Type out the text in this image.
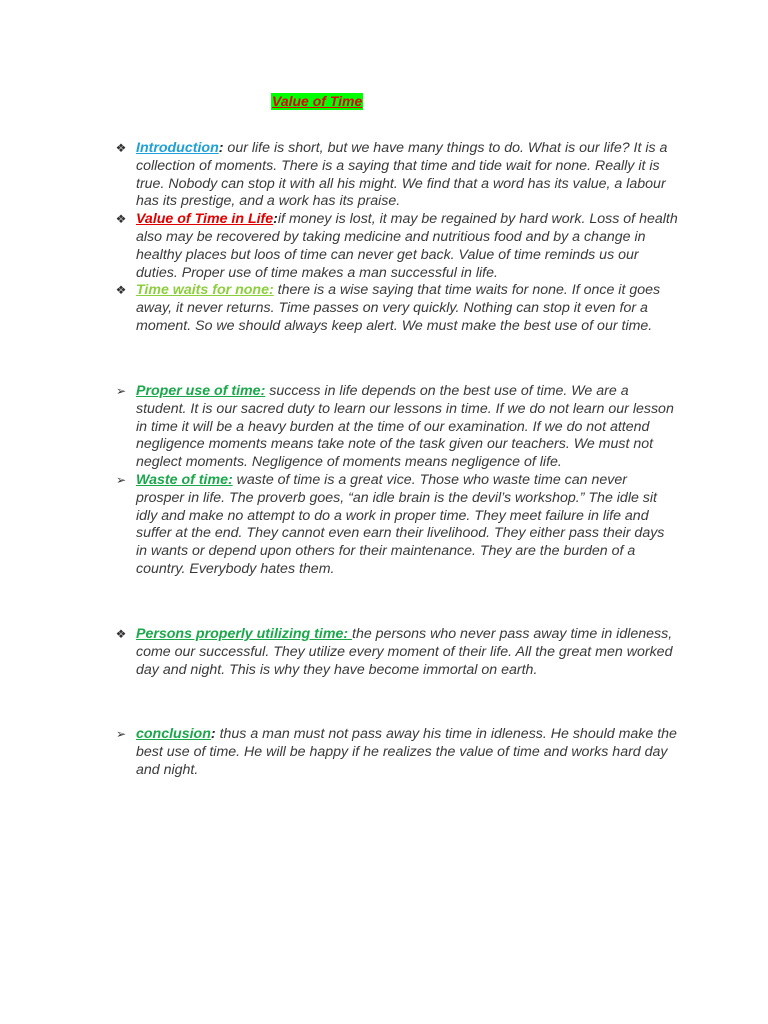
Value of Time
❖ Introduction: our life is short, but we have many things to do. What is our life? It is a collection of moments. There is a saying that time and tide wait for none. Really it is true. Nobody can stop it with all his might. We find that a word has its value, a labour has its prestige, and a work has its praise.
❖ Value of Time in Life:if money is lost, it may be regained by hard work. Loss of health also may be recovered by taking medicine and nutritious food and by a change in healthy places but loos of time can never get back. Value of time reminds us our duties. Proper use of time makes a man successful in life.
❖ Time waits for none: there is a wise saying that time waits for none. If once it goes away, it never returns. Time passes on very quickly. Nothing can stop it even for a moment. So we should always keep alert. We must make the best use of our time.
➢ Proper use of time: success in life depends on the best use of time. We are a student. It is our sacred duty to learn our lessons in time. If we do not learn our lesson in time it will be a heavy burden at the time of our examination. If we do not attend negligence moments means take note of the task given our teachers. We must not neglect moments. Negligence of moments means negligence of life.
➢ Waste of time: waste of time is a great vice. Those who waste time can never prosper in life. The proverb goes, “an idle brain is the devil’s workshop.” The idle sit idly and make no attempt to do a work in proper time. They meet failure in life and suffer at the end. They cannot even earn their livelihood. They either pass their days in wants or depend upon others for their maintenance. They are the burden of a country. Everybody hates them.
❖ Persons properly utilizing time: the persons who never pass away time in idleness, come our successful. They utilize every moment of their life. All the great men worked day and night. This is why they have become immortal on earth.
➢ conclusion: thus a man must not pass away his time in idleness. He should make the best use of time. He will be happy if he realizes the value of time and works hard day and night.
